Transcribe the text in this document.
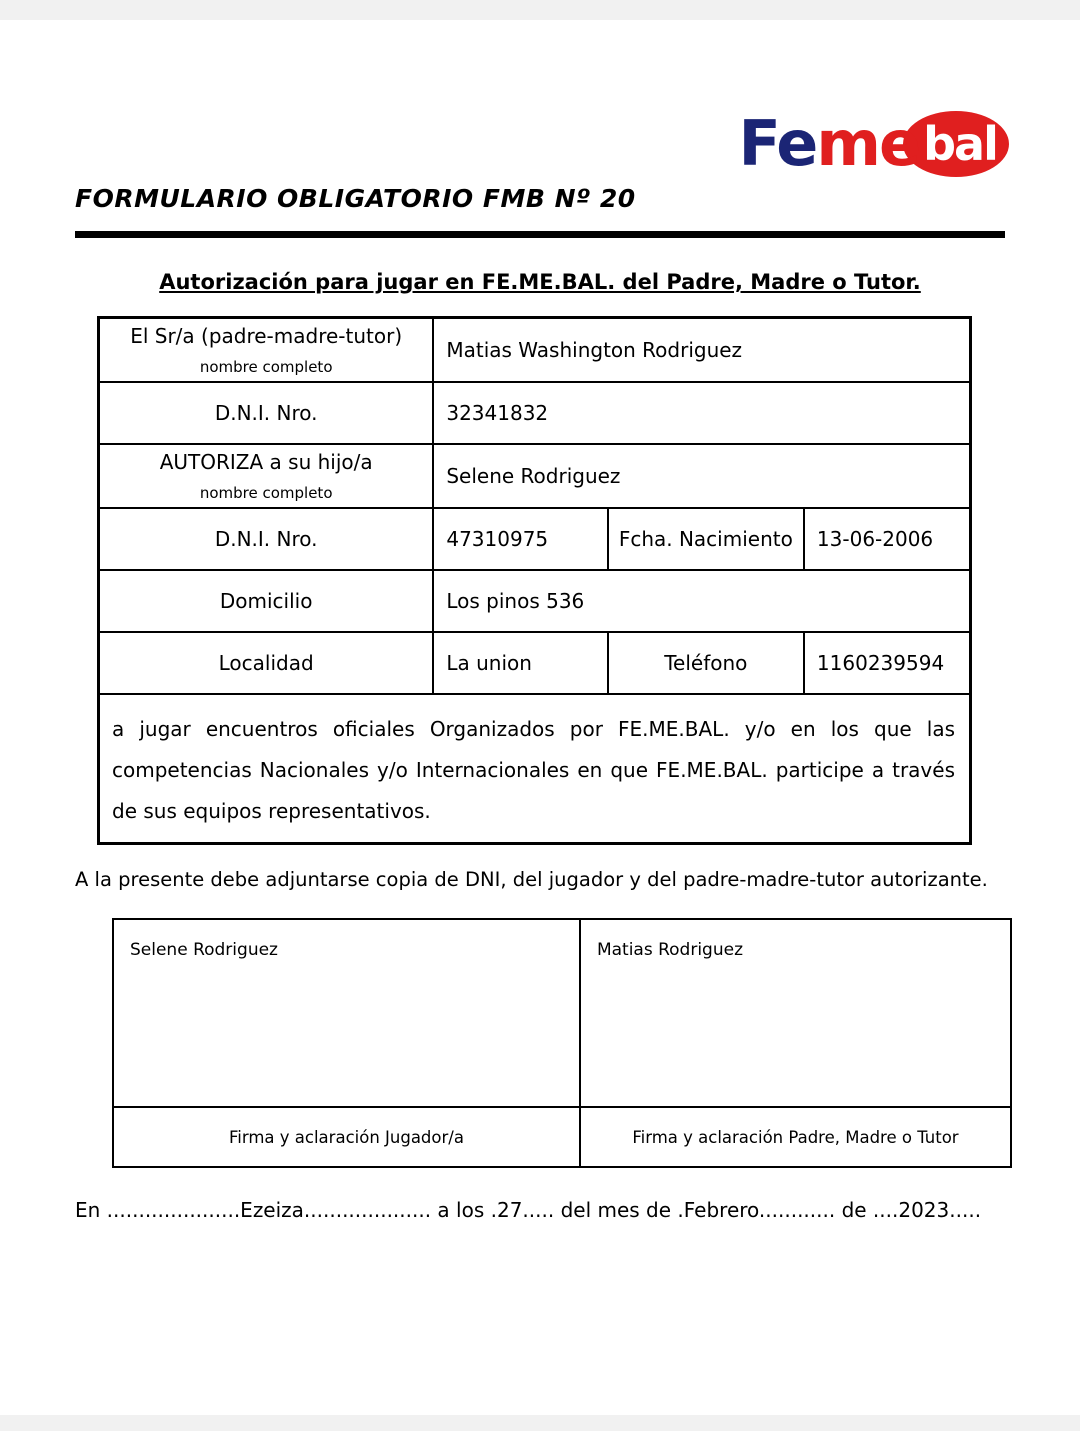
Feme bal
FORMULARIO OBLIGATORIO FMB Nº 20
Autorización para jugar en FE.ME.BAL. del Padre, Madre o Tutor.
El Sr/a (padre-madre-tutor)
nombre completo	Matias Washington Rodriguez		
D.N.I. Nro.	32341832		
AUTORIZA a su hijo/a
nombre completo	Selene Rodriguez		
D.N.I. Nro.	47310975	Fcha. Nacimiento	13-06-2006
Domicilio	Los pinos 536		
Localidad	La union	Teléfono	1160239594
a jugar encuentros oficiales Organizados por FE.ME.BAL. y/o en los que las competencias Nacionales y/o Internacionales en que FE.ME.BAL. participe a través de sus equipos representativos.			
A la presente debe adjuntarse copia de DNI, del jugador y del padre-madre-tutor autorizante.
Selene Rodriguez	Matias Rodriguez
Firma y aclaración Jugador/a	Firma y aclaración Padre, Madre o Tutor
En .....................Ezeiza.................... a los .27..... del mes de .Febrero............ de ....2023.....
